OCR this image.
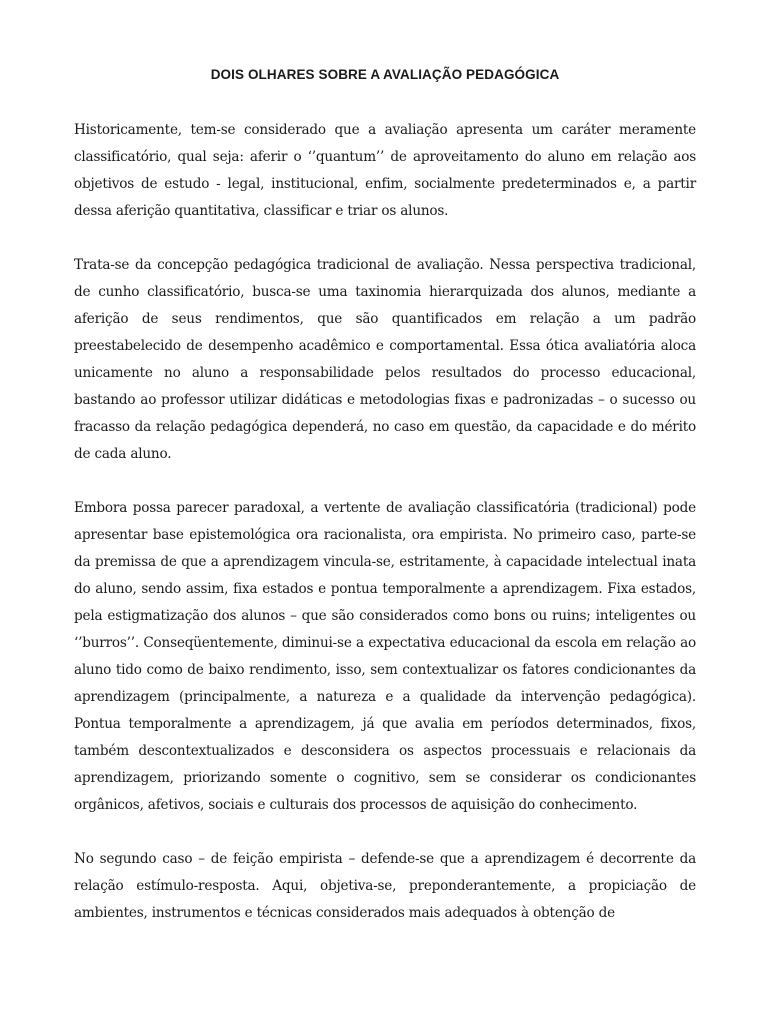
DOIS OLHARES SOBRE A AVALIAÇÃO PEDAGÓGICA

Historicamente, tem-se considerado que a avaliação apresenta um caráter meramente classificatório, qual seja: aferir o ‘’quantum’’ de aproveitamento do aluno em relação aos objetivos de estudo - legal, institucional, enfim, socialmente predeterminados e, a partir dessa aferição quantitativa, classificar e triar os alunos.

Trata-se da concepção pedagógica tradicional de avaliação. Nessa perspectiva tradicional, de cunho classificatório, busca-se uma taxinomia hierarquizada dos alunos, mediante a aferição de seus rendimentos, que são quantificados em relação a um padrão preestabelecido de desempenho acadêmico e comportamental. Essa ótica avaliatória aloca unicamente no aluno a responsabilidade pelos resultados do processo educacional, bastando ao professor utilizar didáticas e metodologias fixas e padronizadas – o sucesso ou fracasso da relação pedagógica dependerá, no caso em questão, da capacidade e do mérito de cada aluno.

Embora possa parecer paradoxal, a vertente de avaliação classificatória (tradicional) pode apresentar base epistemológica ora racionalista, ora empirista. No primeiro caso, parte-se da premissa de que a aprendizagem vincula-se, estritamente, à capacidade intelectual inata do aluno, sendo assim, fixa estados e pontua temporalmente a aprendizagem. Fixa estados, pela estigmatização dos alunos – que são considerados como bons ou ruins; inteligentes ou ‘’burros’’. Conseqüentemente, diminui-se a expectativa educacional da escola em relação ao aluno tido como de baixo rendimento, isso, sem contextualizar os fatores condicionantes da aprendizagem (principalmente, a natureza e a qualidade da intervenção pedagógica). Pontua temporalmente a aprendizagem, já que avalia em períodos determinados, fixos, também descontextualizados e desconsidera os aspectos processuais e relacionais da aprendizagem, priorizando somente o cognitivo, sem se considerar os condicionantes orgânicos, afetivos, sociais e culturais dos processos de aquisição do conhecimento.

No segundo caso – de feição empirista – defende-se que a aprendizagem é decorrente da relação estímulo-resposta. Aqui, objetiva-se, preponderantemente, a propiciação de ambientes, instrumentos e técnicas considerados mais adequados à obtenção de
